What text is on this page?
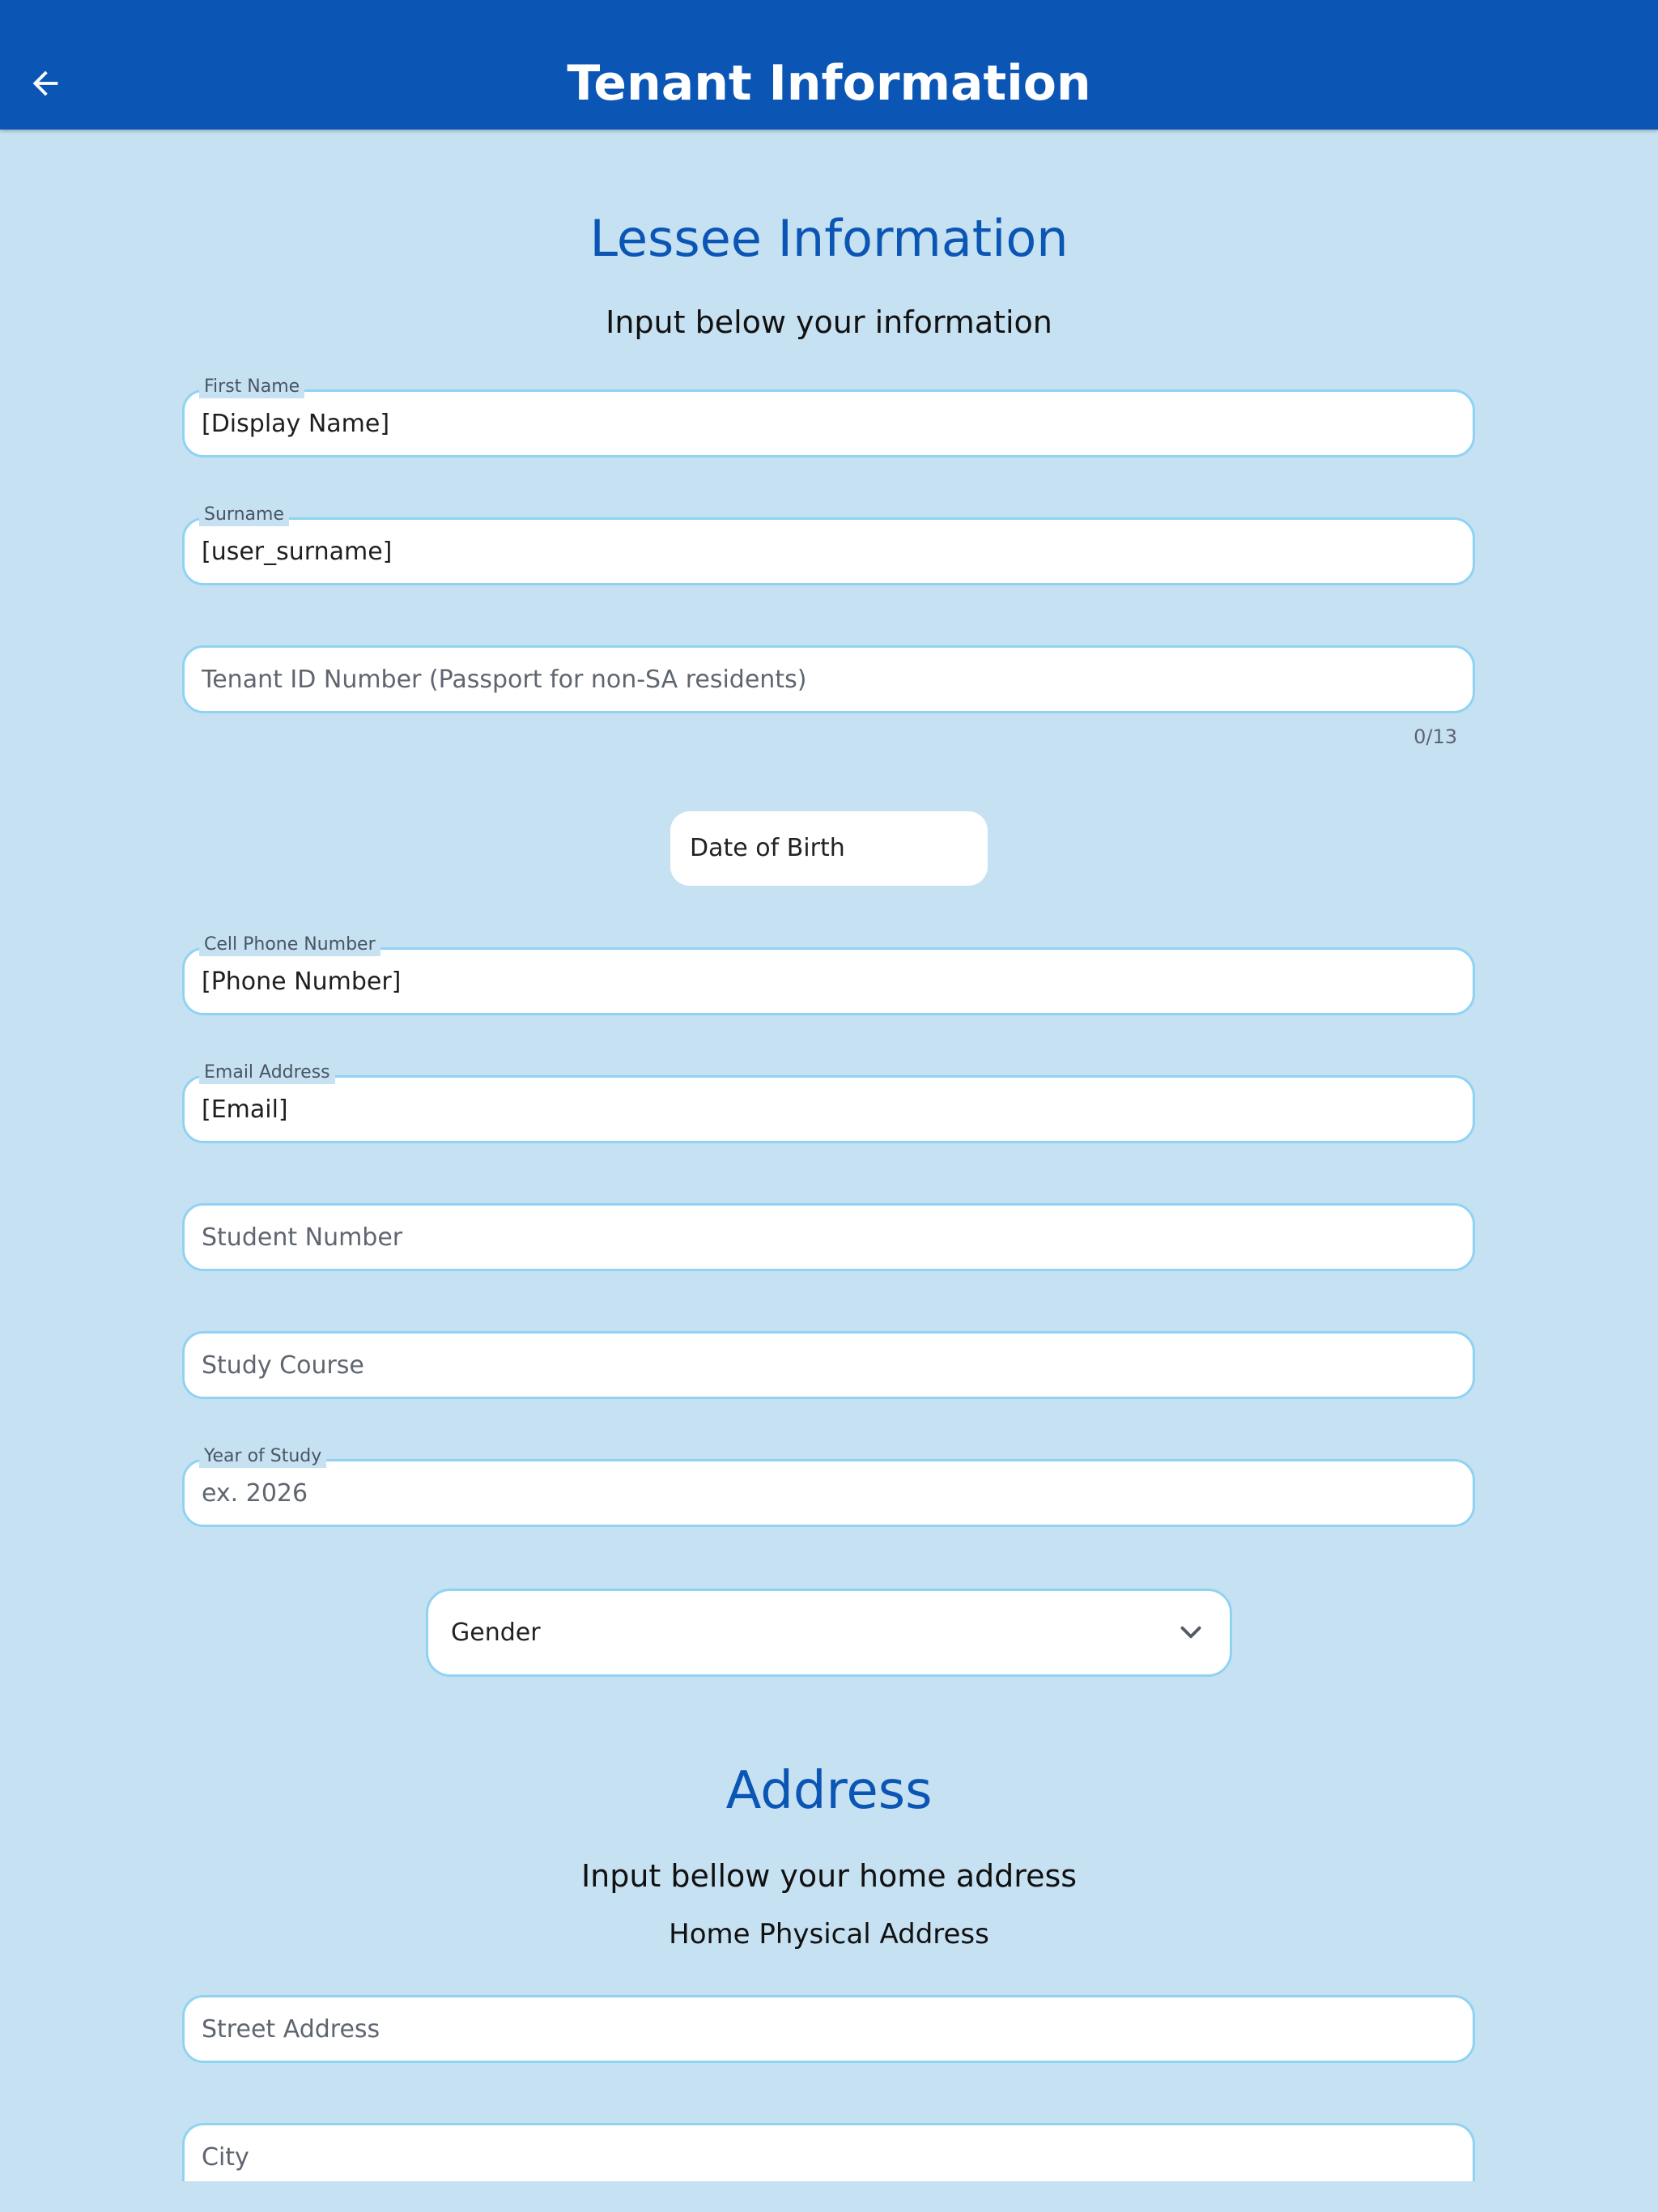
Tenant Information
Lessee Information
Input below your information
First Name
[Display Name]
Surname
[user_surname]
Tenant ID Number (Passport for non-SA residents)
0/13
Date of Birth
Cell Phone Number
[Phone Number]
Email Address
[Email]
Student Number
Study Course
Year of Study
ex. 2026
Gender
Address
Input bellow your home address
Home Physical Address
Street Address
City
